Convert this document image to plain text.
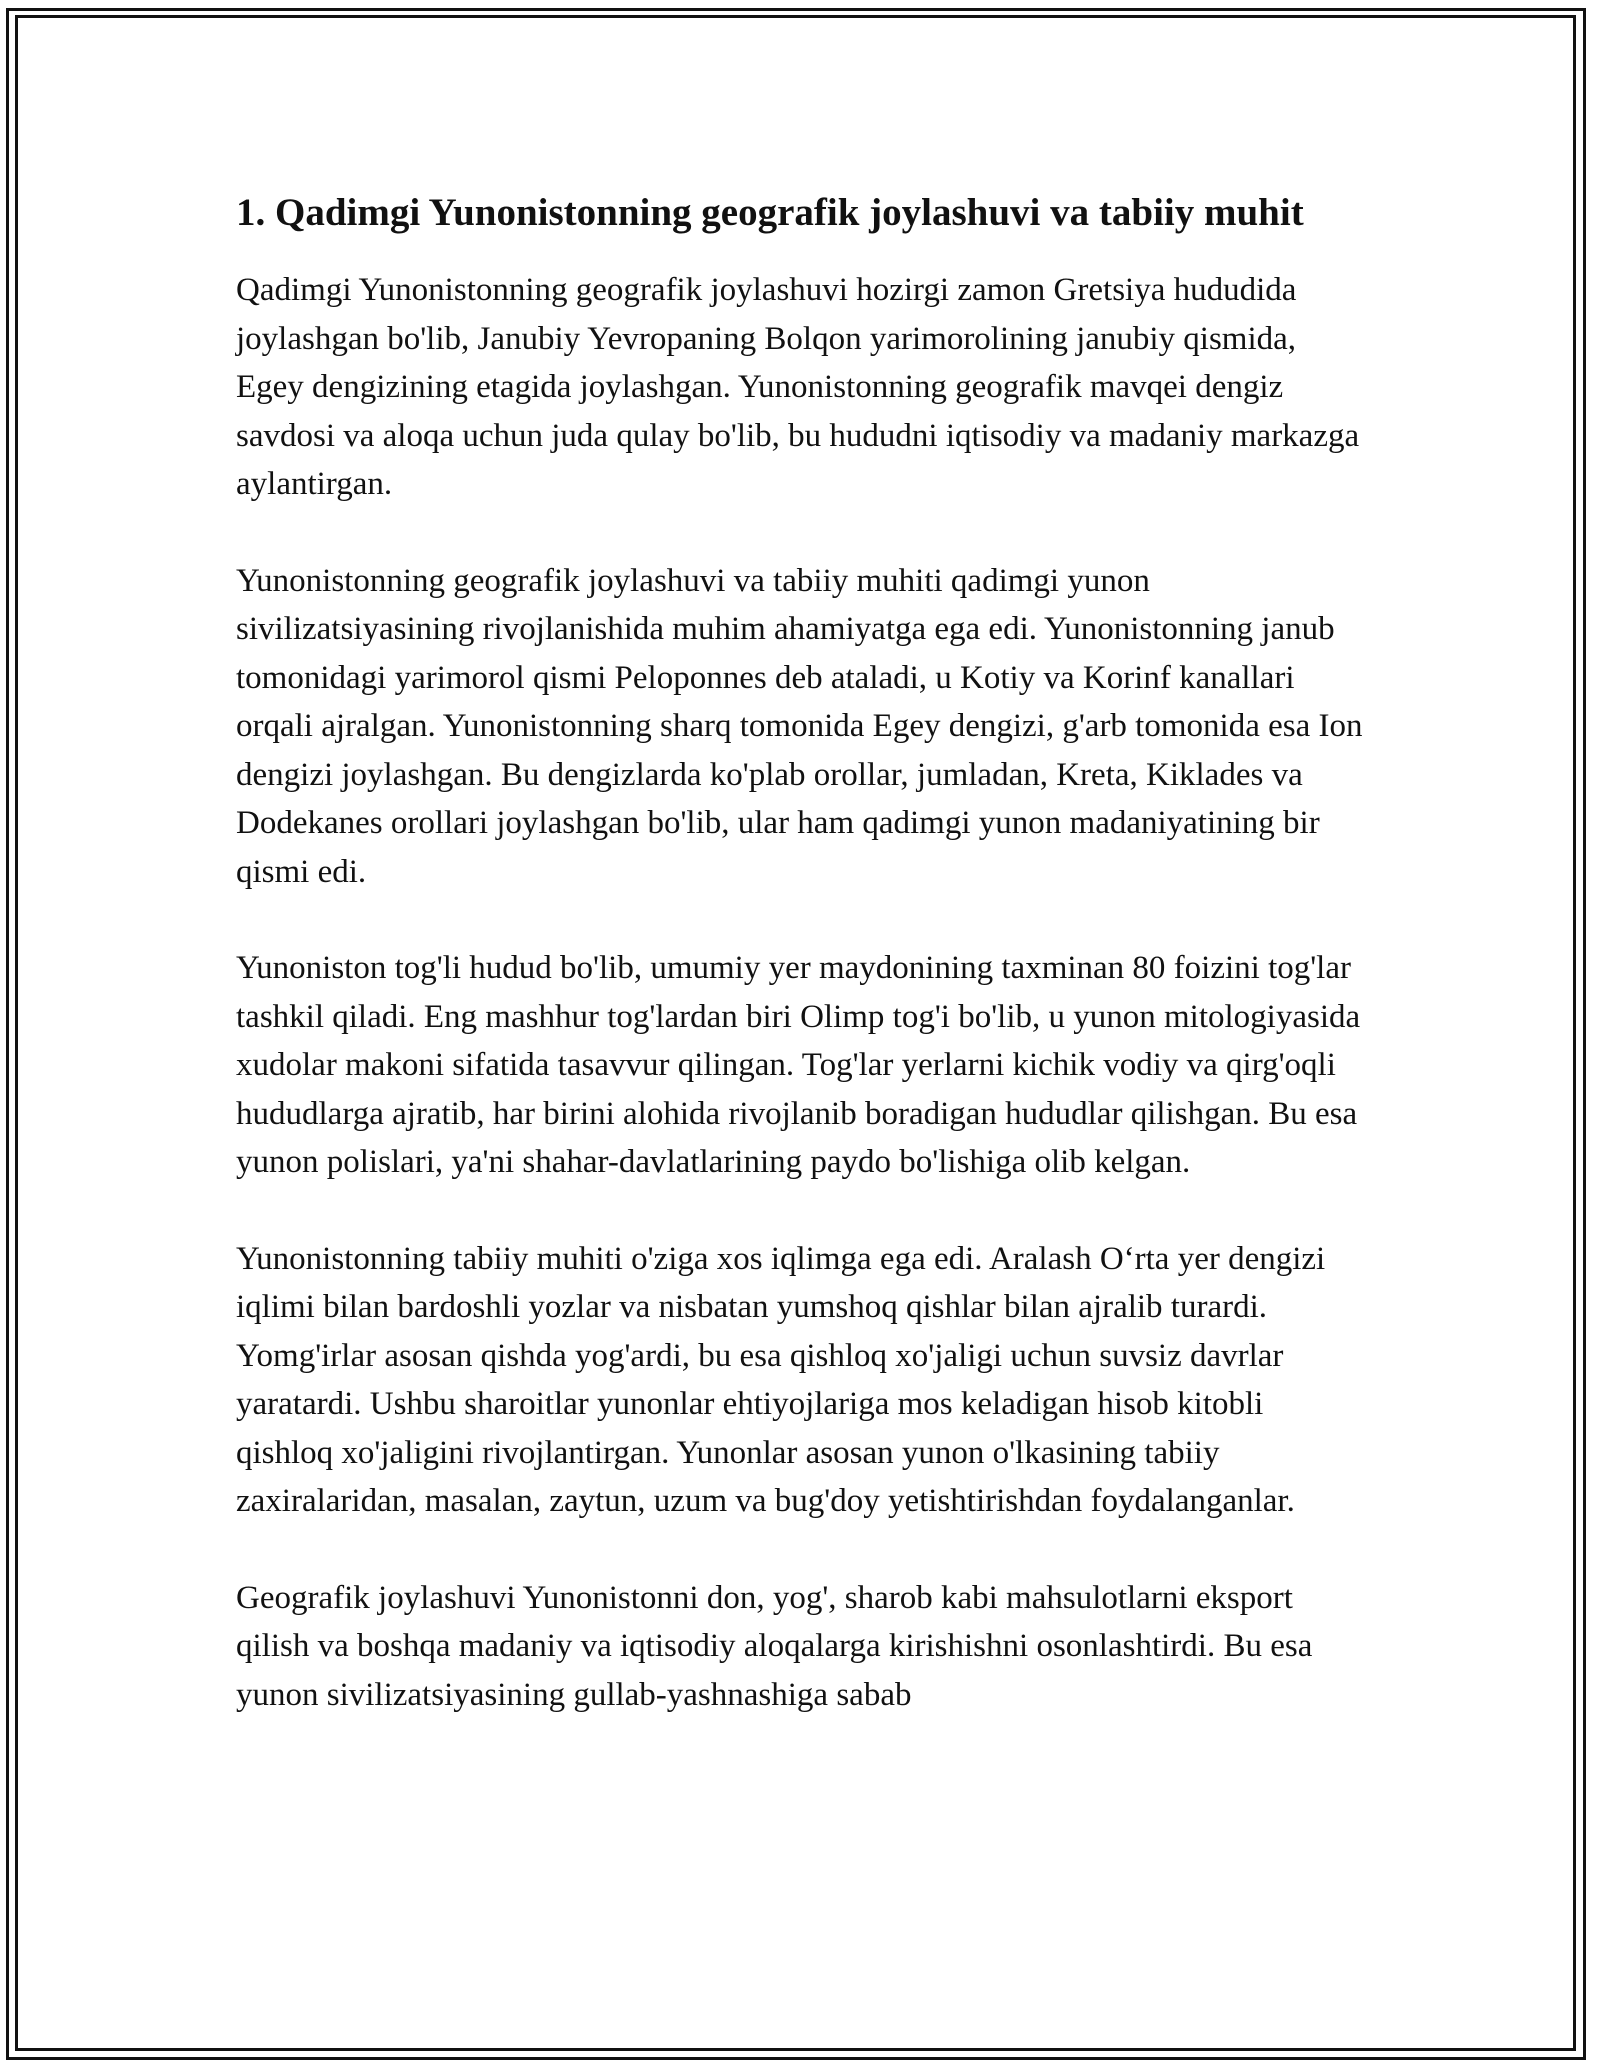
1. Qadimgi Yunonistonning geografik joylashuvi va tabiiy muhit

Qadimgi Yunonistonning geografik joylashuvi hozirgi zamon Gretsiya hududida joylashgan bo'lib, Janubiy Yevropaning Bolqon yarimorolining janubiy qismida, Egey dengizining etagida joylashgan. Yunonistonning geografik mavqei dengiz savdosi va aloqa uchun juda qulay bo'lib, bu hududni iqtisodiy va madaniy markazga aylantirgan.

Yunonistonning geografik joylashuvi va tabiiy muhiti qadimgi yunon sivilizatsiyasining rivojlanishida muhim ahamiyatga ega edi. Yunonistonning janub tomonidagi yarimorol qismi Peloponnes deb ataladi, u Kotiy va Korinf kanallari orqali ajralgan. Yunonistonning sharq tomonida Egey dengizi, g'arb tomonida esa Ion dengizi joylashgan. Bu dengizlarda ko'plab orollar, jumladan, Kreta, Kiklades va Dodekanes orollari joylashgan bo'lib, ular ham qadimgi yunon madaniyatining bir qismi edi.

Yunoniston tog'li hudud bo'lib, umumiy yer maydonining taxminan 80 foizini tog'lar tashkil qiladi. Eng mashhur tog'lardan biri Olimp tog'i bo'lib, u yunon mitologiyasida xudolar makoni sifatida tasavvur qilingan. Tog'lar yerlarni kichik vodiy va qirg'oqli hududlarga ajratib, har birini alohida rivojlanib boradigan hududlar qilishgan. Bu esa yunon polislari, ya'ni shahar-davlatlarining paydo bo'lishiga olib kelgan.

Yunonistonning tabiiy muhiti o'ziga xos iqlimga ega edi. Aralash O‘rta yer dengizi iqlimi bilan bardoshli yozlar va nisbatan yumshoq qishlar bilan ajralib turardi. Yomg'irlar asosan qishda yog'ardi, bu esa qishloq xo'jaligi uchun suvsiz davrlar yaratardi. Ushbu sharoitlar yunonlar ehtiyojlariga mos keladigan hisob kitobli qishloq xo'jaligini rivojlantirgan. Yunonlar asosan yunon o'lkasining tabiiy zaxiralaridan, masalan, zaytun, uzum va bug'doy yetishtirishdan foydalanganlar.

Geografik joylashuvi Yunonistonni don, yog', sharob kabi mahsulotlarni eksport qilish va boshqa madaniy va iqtisodiy aloqalarga kirishishni osonlashtirdi. Bu esa yunon sivilizatsiyasining gullab-yashnashiga sabab
